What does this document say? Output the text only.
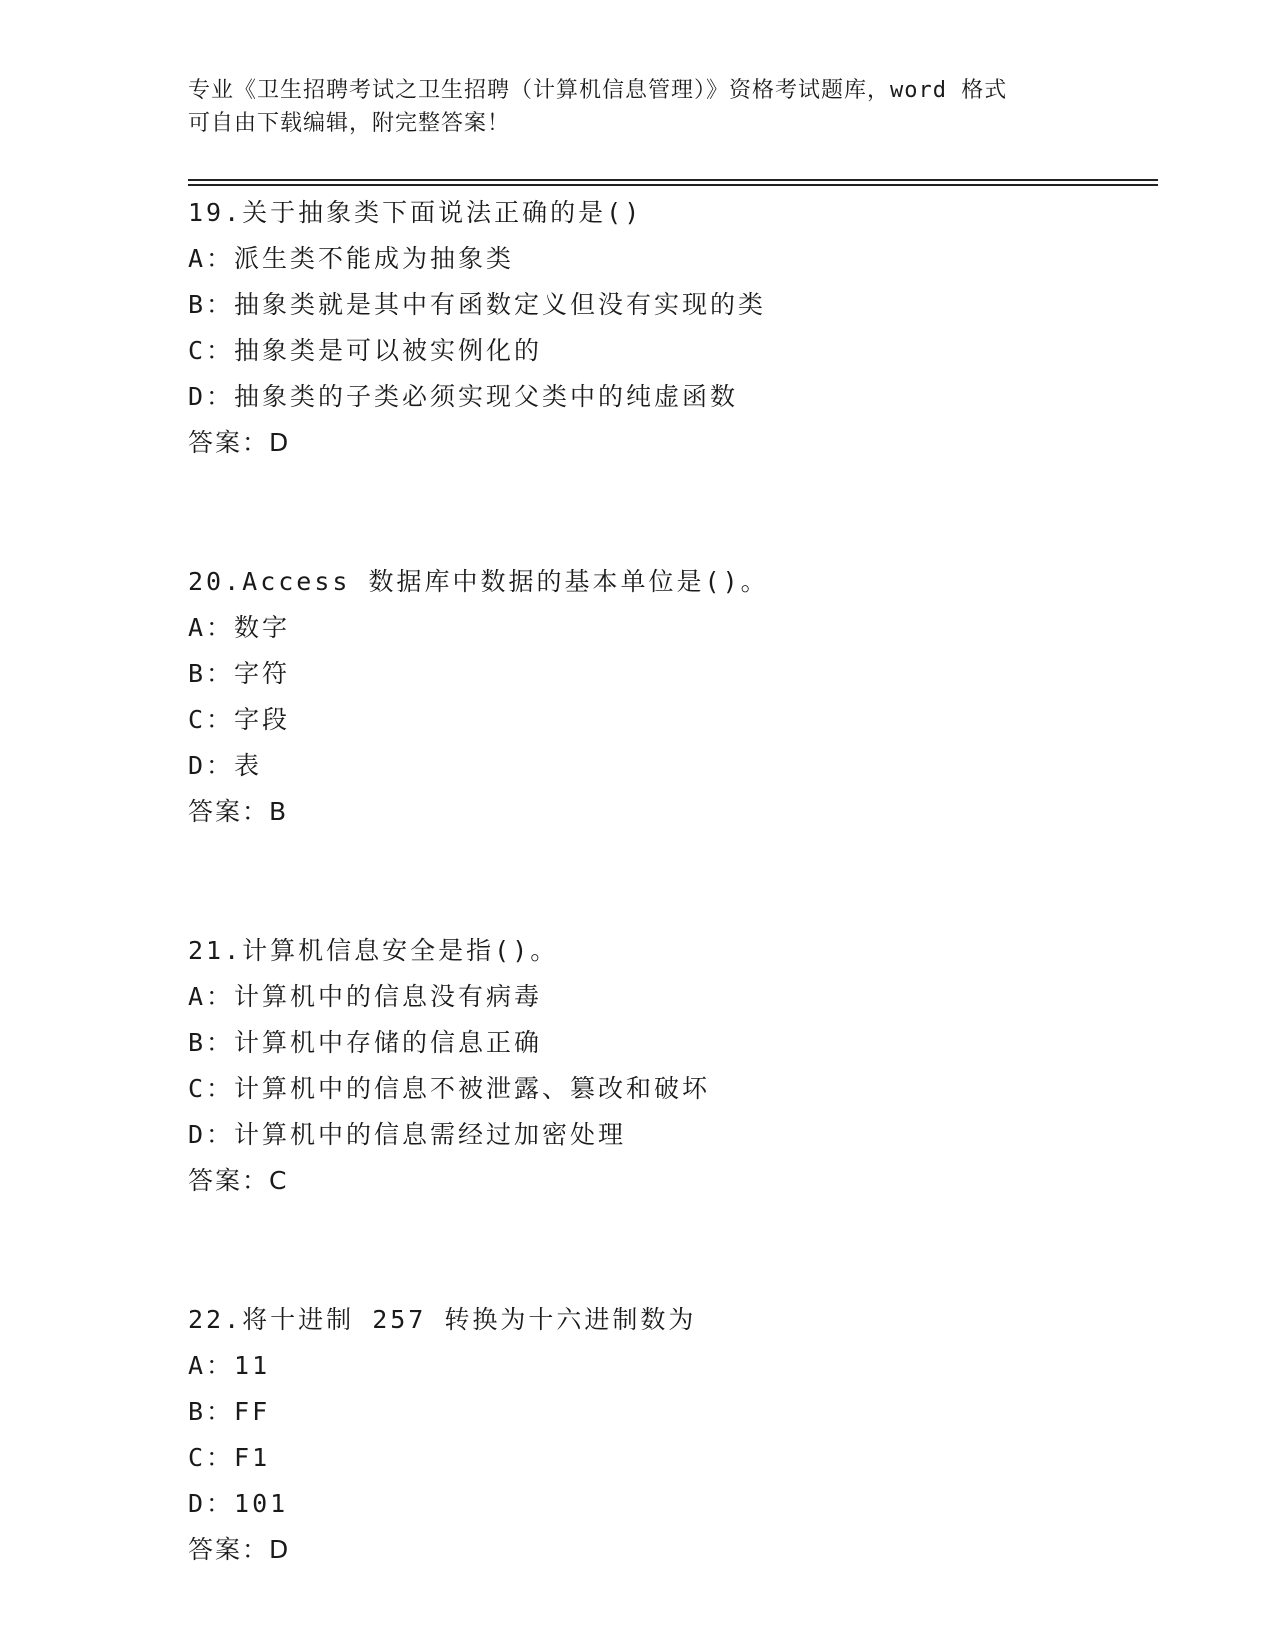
专业《卫生招聘考试之卫生招聘（计算机信息管理）》资格考试题库，word 格式
可自由下载编辑，附完整答案！
19.关于抽象类下面说法正确的是()
A：派生类不能成为抽象类
B：抽象类就是其中有函数定义但没有实现的类
C：抽象类是可以被实例化的
D：抽象类的子类必须实现父类中的纯虚函数
答案：D
20.Access 数据库中数据的基本单位是()。
A：数字
B：字符
C：字段
D：表
答案：B
21.计算机信息安全是指()。
A：计算机中的信息没有病毒
B：计算机中存储的信息正确
C：计算机中的信息不被泄露、篡改和破坏
D：计算机中的信息需经过加密处理
答案：C
22.将十进制 257 转换为十六进制数为
A：11
B：FF
C：F1
D：101
答案：D
